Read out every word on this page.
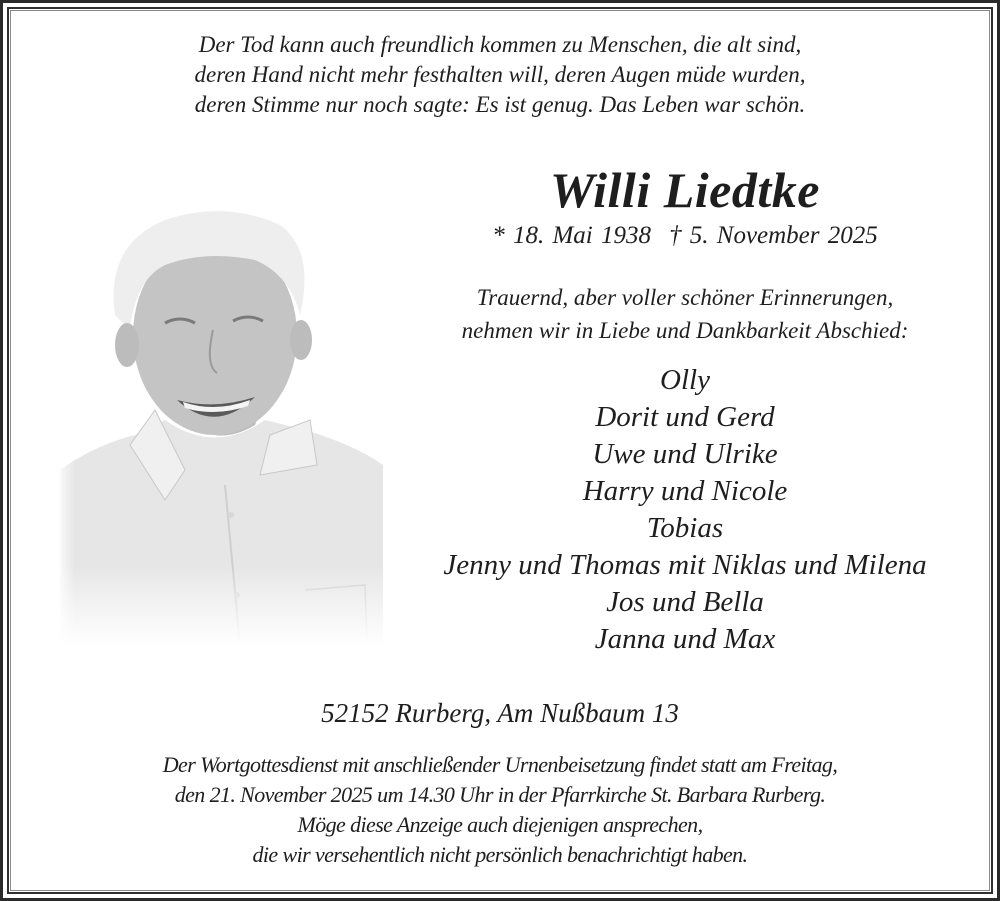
Der Tod kann auch freundlich kommen zu Menschen, die alt sind,
deren Hand nicht mehr festhalten will, deren Augen müde wurden,
deren Stimme nur noch sagte: Es ist genug. Das Leben war schön.
Willi Liedtke
* 18. Mai 1938 † 5. November 2025
Trauernd, aber voller schöner Erinnerungen,
nehmen wir in Liebe und Dankbarkeit Abschied:
Olly
Dorit und Gerd
Uwe und Ulrike
Harry und Nicole
Tobias
Jenny und Thomas mit Niklas und Milena
Jos und Bella
Janna und Max
52152 Rurberg, Am Nußbaum 13
Der Wortgottesdienst mit anschließender Urnenbeisetzung findet statt am Freitag,
den 21. November 2025 um 14.30 Uhr in der Pfarrkirche St. Barbara Rurberg.
Möge diese Anzeige auch diejenigen ansprechen,
die wir versehentlich nicht persönlich benachrichtigt haben.
